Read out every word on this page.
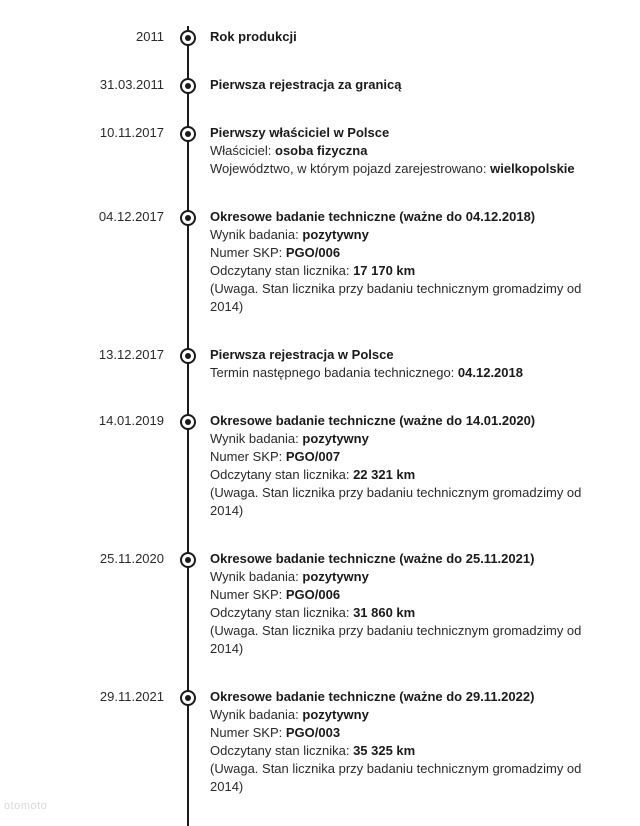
2011	Rok produkcji

31.03.2011	Pierwsza rejestracja za granicą

10.11.2017	Pierwszy właściciel w Polsce

Właściciel: osoba fizyczna

Województwo, w którym pojazd zarejestrowano: wielkopolskie

04.12.2017	Okresowe badanie techniczne (ważne do 04.12.2018)

Wynik badania: pozytywny

Numer SKP: PGO/006

Odczytany stan licznika: 17 170 km

(Uwaga. Stan licznika przy badaniu technicznym gromadzimy od 2014)

13.12.2017	Pierwsza rejestracja w Polsce

Termin następnego badania technicznego: 04.12.2018

14.01.2019	Okresowe badanie techniczne (ważne do 14.01.2020)

Wynik badania: pozytywny

Numer SKP: PGO/007

Odczytany stan licznika: 22 321 km

(Uwaga. Stan licznika przy badaniu technicznym gromadzimy od 2014)

25.11.2020	Okresowe badanie techniczne (ważne do 25.11.2021)

Wynik badania: pozytywny

Numer SKP: PGO/006

Odczytany stan licznika: 31 860 km

(Uwaga. Stan licznika przy badaniu technicznym gromadzimy od 2014)

29.11.2021	Okresowe badanie techniczne (ważne do 29.11.2022)

Wynik badania: pozytywny

Numer SKP: PGO/003

Odczytany stan licznika: 35 325 km

(Uwaga. Stan licznika przy badaniu technicznym gromadzimy od 2014)

otomoto
